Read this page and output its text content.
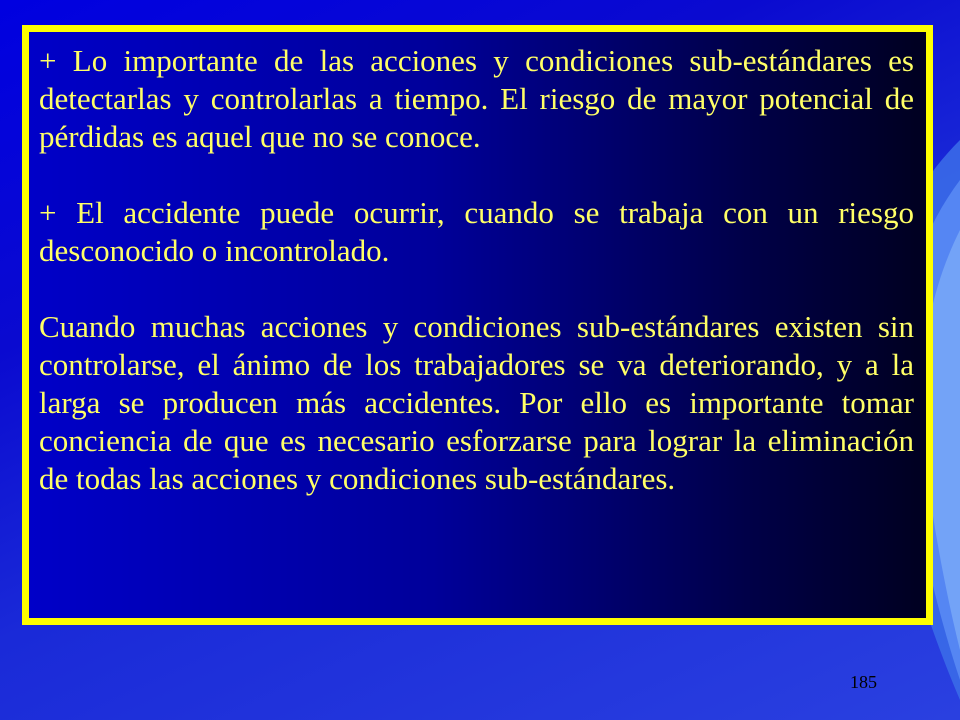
+ Lo importante de las acciones y condiciones sub-estándares es detectarlas y controlarlas a tiempo. El riesgo de mayor potencial de pérdidas es aquel que no se conoce.

+ El accidente puede ocurrir, cuando se trabaja con un riesgo desconocido o incontrolado.

Cuando muchas acciones y condiciones sub-estándares existen sin controlarse, el ánimo de los trabajadores se va deteriorando, y a la larga se producen más accidentes. Por ello es importante tomar conciencia de que es necesario esforzarse para lograr la eliminación de todas las acciones y condiciones sub-estándares.

185
